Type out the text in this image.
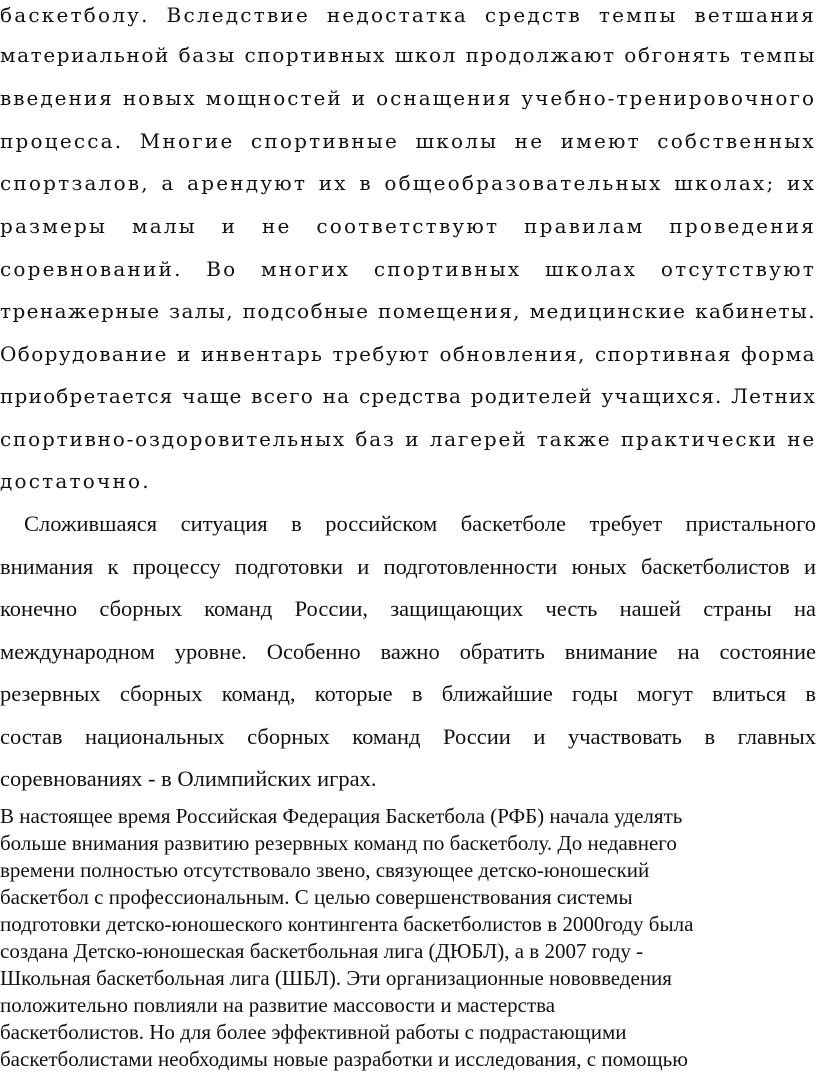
баскетболу. Вследствие недостатка средств темпы ветшания
материальной базы спортивных школ продолжают обгонять темпы
введения новых мощностей и оснащения учебно-тренировочного
процесса. Многие спортивные школы не имеют собственных
спортзалов, а арендуют их в общеобразовательных школах; их
размеры малы и не соответствуют правилам проведения
соревнований. Во многих спортивных школах отсутствуют
тренажерные залы, подсобные помещения, медицинские кабинеты.
Оборудование и инвентарь требуют обновления, спортивная форма
приобретается чаще всего на средства родителей учащихся. Летних
спортивно-оздоровительных баз и лагерей также практически не
достаточно.
Сложившаяся ситуация в российском баскетболе требует пристального
внимания к процессу подготовки и подготовленности юных баскетболистов и
конечно сборных команд России, защищающих честь нашей страны на
международном уровне. Особенно важно обратить внимание на состояние
резервных сборных команд, которые в ближайшие годы могут влиться в
состав национальных сборных команд России и участвовать в главных
соревнованиях - в Олимпийских играх.
В настоящее время Российская Федерация Баскетбола (РФБ) начала уделять
больше внимания развитию резервных команд по баскетболу. До недавнего
времени полностью отсутствовало звено, связующее детско-юношеский
баскетбол с профессиональным. С целью совершенствования системы
подготовки детско-юношеского контингента баскетболистов в 2000году была
создана Детско-юношеская баскетбольная лига (ДЮБЛ), а в 2007 году -
Школьная баскетбольная лига (ШБЛ). Эти организационные нововведения
положительно повлияли на развитие массовости и мастерства
баскетболистов. Но для более эффективной работы с подрастающими
баскетболистами необходимы новые разработки и исследования, с помощью
